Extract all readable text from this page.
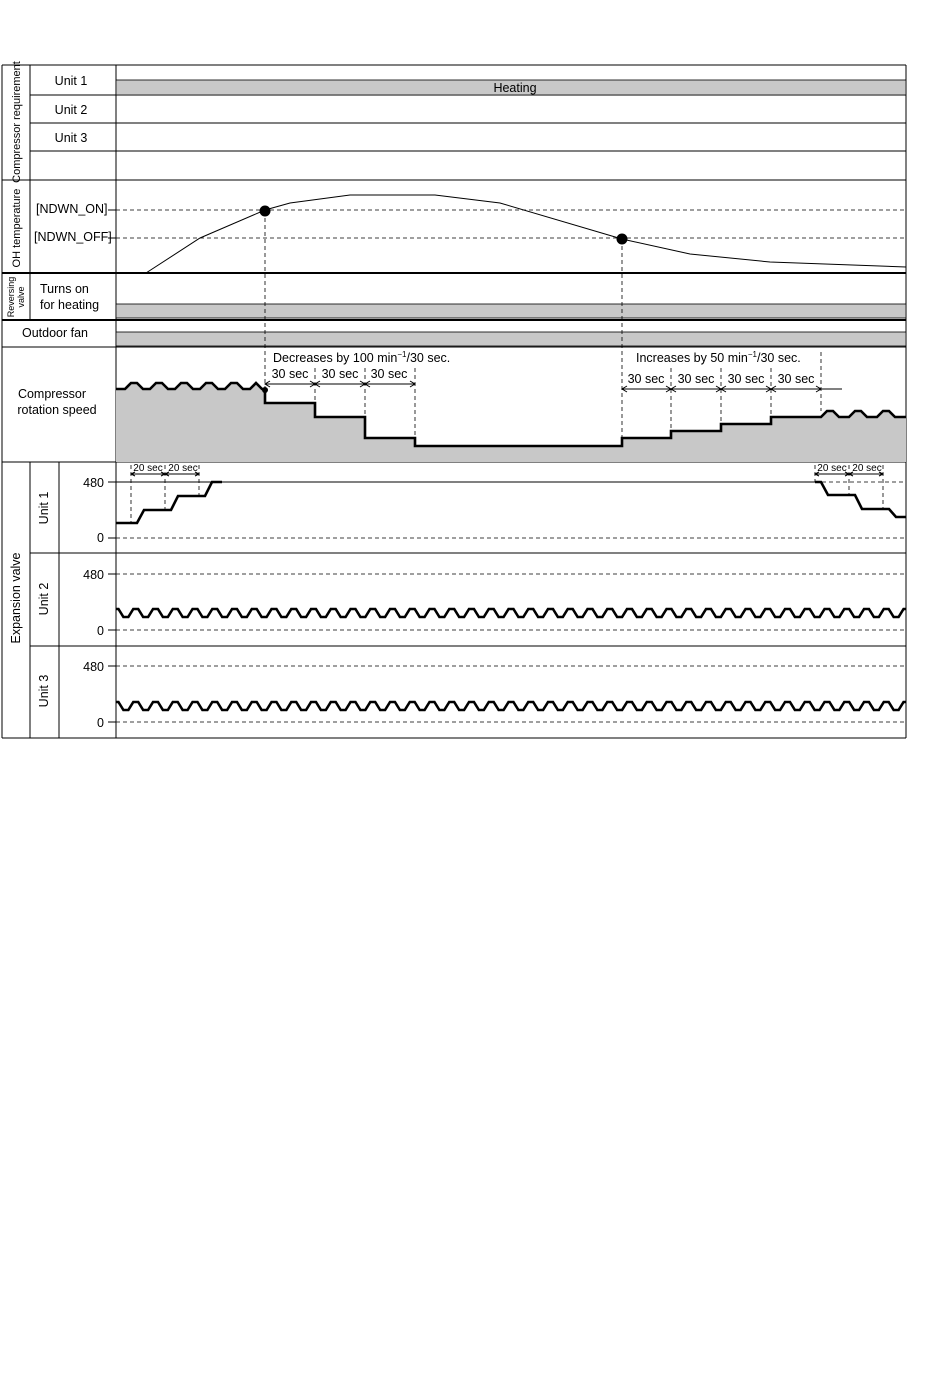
Compressor requirement	Unit 1
Unit 2
Unit 3
Heating
OH temperature [NDWN_ON]
[NDWN_OFF]
Reversing valve Turns on
for heating
Outdoor fan
Compressor
rotation speed
Decreases by 100 $\min^{-1}/30$ sec.
30 sec 30 sec 30 sec
Increases by 50 $\min^{-1}/30$ sec.
30 sec 30 sec 30 sec 30 sec
Expansion valve
Unit 1
Unit 2
Unit 3
480
0
480
0
480
0
20 sec 20 sec	20 sec 20 sec
